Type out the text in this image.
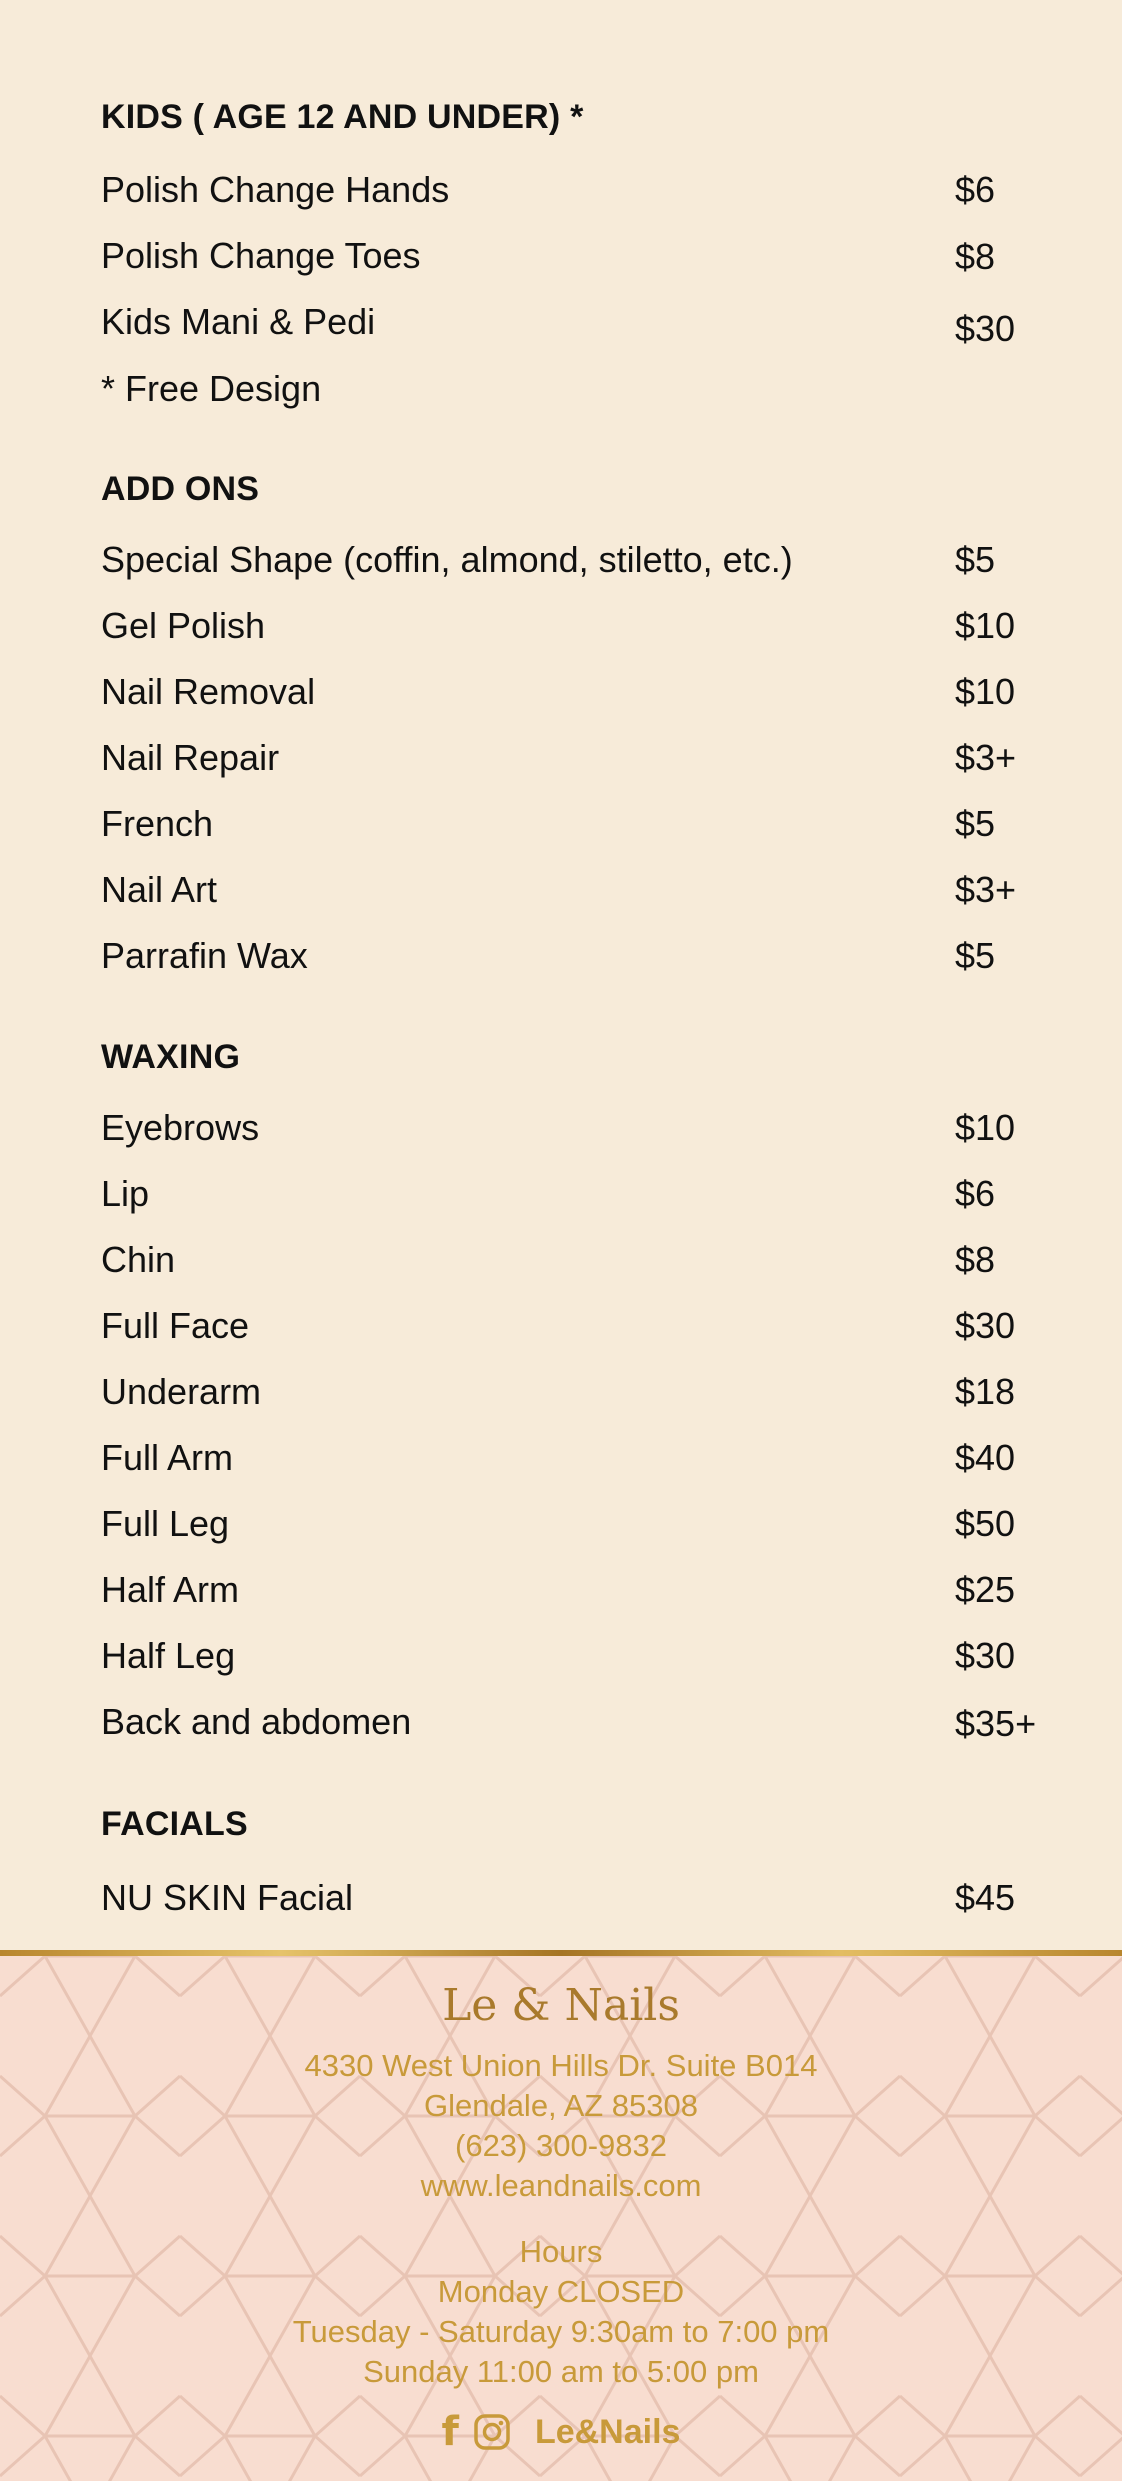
KIDS ( AGE 12 AND UNDER) *
Polish Change Hands	$6
Polish Change Toes	$8
Kids Mani & Pedi	$30
* Free Design
ADD ONS
Special Shape (coffin, almond, stiletto, etc.)	$5
Gel Polish	$10
Nail Removal	$10
Nail Repair	$3+
French	$5
Nail Art	$3+
Parrafin Wax	$5
WAXING
Eyebrows	$10
Lip	$6
Chin	$8
Full Face	$30
Underarm	$18
Full Arm	$40
Full Leg	$50
Half Arm	$25
Half Leg	$30
Back and abdomen	$35+
FACIALS
NU SKIN Facial	$45
Le & Nails
4330 West Union Hills Dr. Suite B014
Glendale, AZ 85308
(623) 300-9832
www.leandnails.com
Hours
Monday CLOSED
Tuesday - Saturday 9:30am to 7:00 pm
Sunday 11:00 am to 5:00 pm
f Le&Nails
